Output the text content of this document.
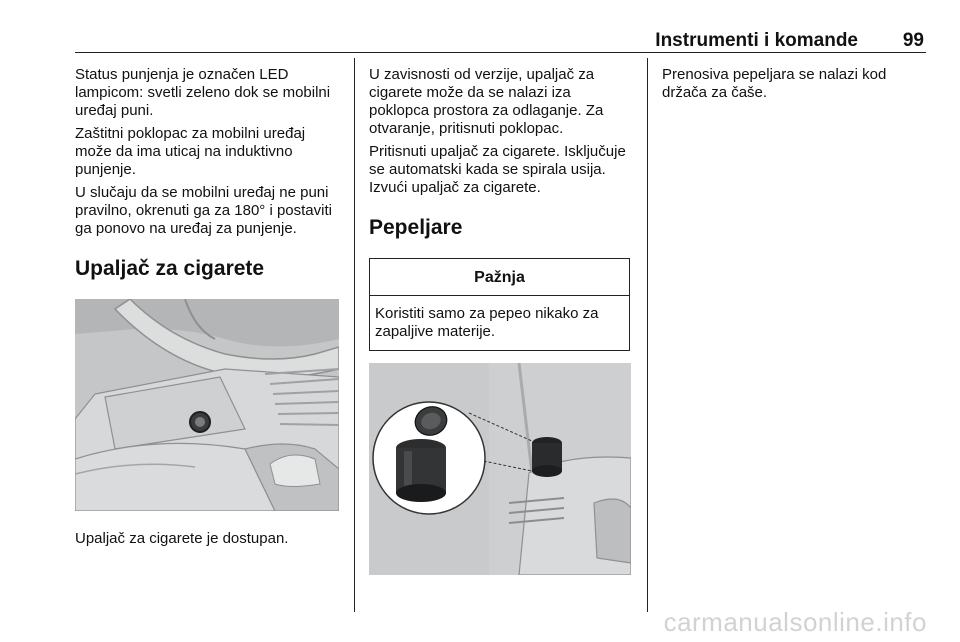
Instrumenti i komande 99

Status punjenja je označen LED lampicom: svetli zeleno dok se mobilni uređaj puni.

Zaštitni poklopac za mobilni uređaj može da ima uticaj na induktivno punjenje.

U slučaju da se mobilni uređaj ne puni pravilno, okrenuti ga za 180° i postaviti ga ponovo na uređaj za punjenje.

Upaljač za cigarete

Upaljač za cigarete je dostupan.

U zavisnosti od verzije, upaljač za cigarete može da se nalazi iza poklopca prostora za odlaganje. Za otvaranje, pritisnuti poklopac.

Pritisnuti upaljač za cigarete. Isključuje se automatski kada se spirala usija. Izvući upaljač za cigarete.

Pepeljare
Pažnja
Koristiti samo za pepeo nikako za zapaljive materije.

Prenosiva pepeljara se nalazi kod držača za čaše.

carmanualsonline.info
